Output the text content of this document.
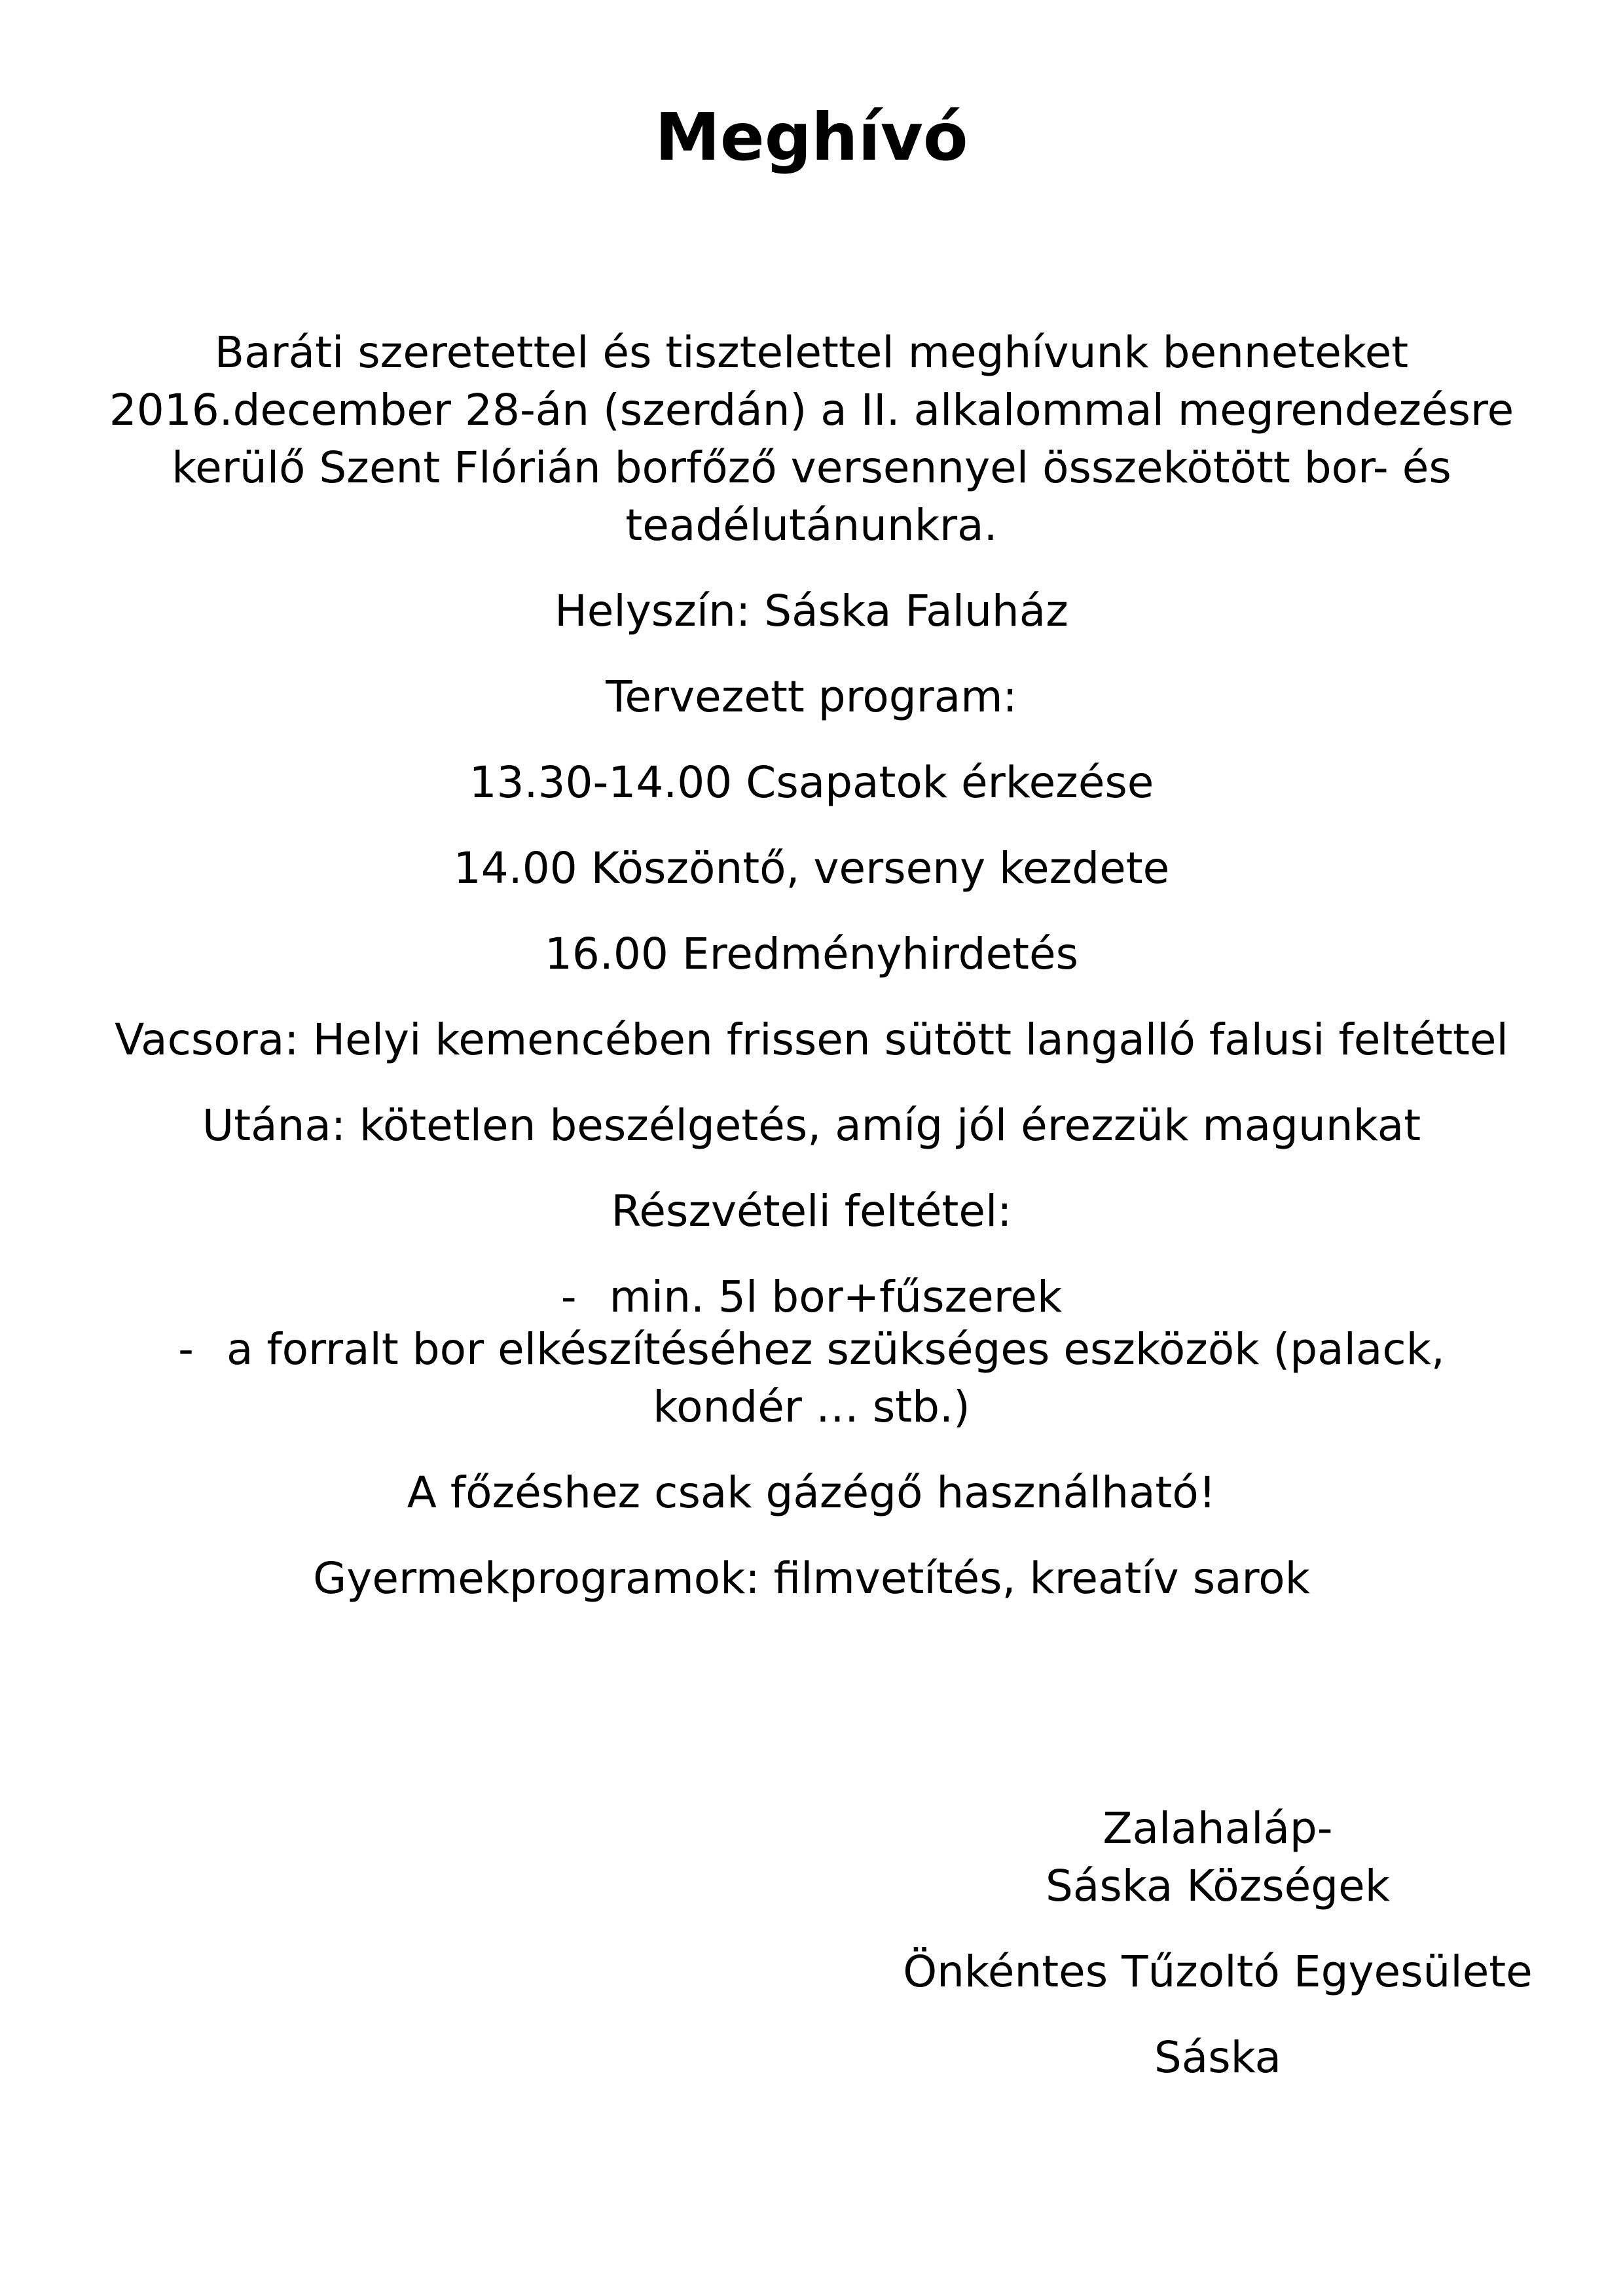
Meghívó

Baráti szeretettel és tisztelettel meghívunk benneteket

2016.december 28-án (szerdán) a II. alkalommal megrendezésre

kerülő Szent Flórián borfőző versennyel összekötött bor- és

teadélutánunkra.

Helyszín: Sáska Faluház

Tervezett program:

13.30-14.00 Csapatok érkezése

14.00 Köszöntő, verseny kezdete

16.00 Eredményhirdetés

Vacsora: Helyi kemencében frissen sütött langalló falusi feltéttel

Utána: kötetlen beszélgetés, amíg jól érezzük magunkat

Részvételi feltétel:

- min. 5l bor+fűszerek

- a forralt bor elkészítéséhez szükséges eszközök (palack,

kondér … stb.)

A főzéshez csak gázégő használható!

Gyermekprogramok: filmvetítés, kreatív sarok

Zalahaláp-

Sáska Községek

Önkéntes Tűzoltó Egyesülete

Sáska
